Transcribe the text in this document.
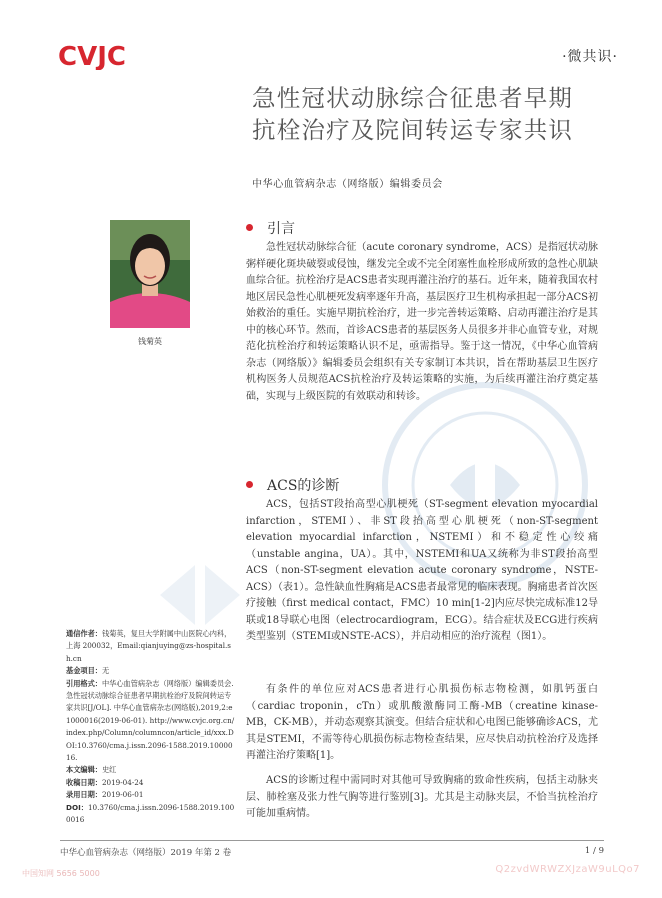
CVJC	·微共识·
急性冠状动脉综合征患者早期
抗栓治疗及院间转运专家共识
中华心血管病杂志（网络版）编辑委员会
钱菊英
引言
急性冠状动脉综合征（acute coronary syndrome，ACS）是指冠状动脉粥样硬化斑块破裂或侵蚀，继发完全或不完全闭塞性血栓形成所致的急性心肌缺血综合征。抗栓治疗是ACS患者实现再灌注治疗的基石。近年来，随着我国农村地区居民急性心肌梗死发病率逐年升高，基层医疗卫生机构承担起一部分ACS初始救治的重任。实施早期抗栓治疗，进一步完善转运策略、启动再灌注治疗是其中的核心环节。然而，首诊ACS患者的基层医务人员很多并非心血管专业，对规范化抗栓治疗和转运策略认识不足，亟需指导。鉴于这一情况，《中华心血管病杂志（网络版）》编辑委员会组织有关专家制订本共识，旨在帮助基层卫生医疗机构医务人员规范ACS抗栓治疗及转运策略的实施，为后续再灌注治疗奠定基础，实现与上级医院的有效联动和转诊。
ACS的诊断
ACS，包括ST段抬高型心肌梗死（ST-segment elevation myocardial infarction，STEMI）、非ST段抬高型心肌梗死（non-ST-segment elevation myocardial infarction，NSTEMI）和不稳定性心绞痛（unstable angina，UA）。其中，NSTEMI和UA又统称为非ST段抬高型ACS（non-ST-segment elevation acute coronary syndrome，NSTE-ACS）（表1）。急性缺血性胸痛是ACS患者最常见的临床表现。胸痛患者首次医疗接触（first medical contact，FMC）10 min[1-2]内应尽快完成标准12导联或18导联心电图（electrocardiogram，ECG）。结合症状及ECG进行疾病类型鉴别（STEMI或NSTE-ACS），并启动相应的治疗流程（图1）。
有条件的单位应对ACS患者进行心肌损伤标志物检测，如肌钙蛋白（cardiac troponin，cTn）或肌酸激酶同工酶-MB（creatine kinase-MB，CK-MB），并动态观察其演变。但结合症状和心电图已能够确诊ACS，尤其是STEMI，不需等待心肌损伤标志物检查结果，应尽快启动抗栓治疗及选择再灌注治疗策略[1]。
ACS的诊断过程中需同时对其他可导致胸痛的致命性疾病，包括主动脉夹层、肺栓塞及张力性气胸等进行鉴别[3]。尤其是主动脉夹层，不恰当抗栓治疗可能加重病情。
通信作者：钱菊英，复旦大学附属中山医院心内科，上海 200032，Email:qianjuying@zs-hospital.sh.cn
基金项目：无
引用格式：中华心血管病杂志（网络版）编辑委员会. 急性冠状动脉综合征患者早期抗栓治疗及院间转运专家共识[J/OL]. 中华心血管病杂志(网络版),2019,2:e1000016(2019-06-01). http://www.cvjc.org.cn/index.php/Column/columncon/article_id/xxx.DOI:10.3760/cma.j.issn.2096-1588.2019.1000016.
本文编辑：史红
收稿日期：2019-04-24
录用日期：2019-06-01
DOI：10.3760/cma.j.issn.2096-1588.2019.1000016
中华心血管病杂志（网络版）2019 年第 2 卷	1 / 9
中国知网 5656 5000	Q2zvdWRWZXJzaW9uLQo7
